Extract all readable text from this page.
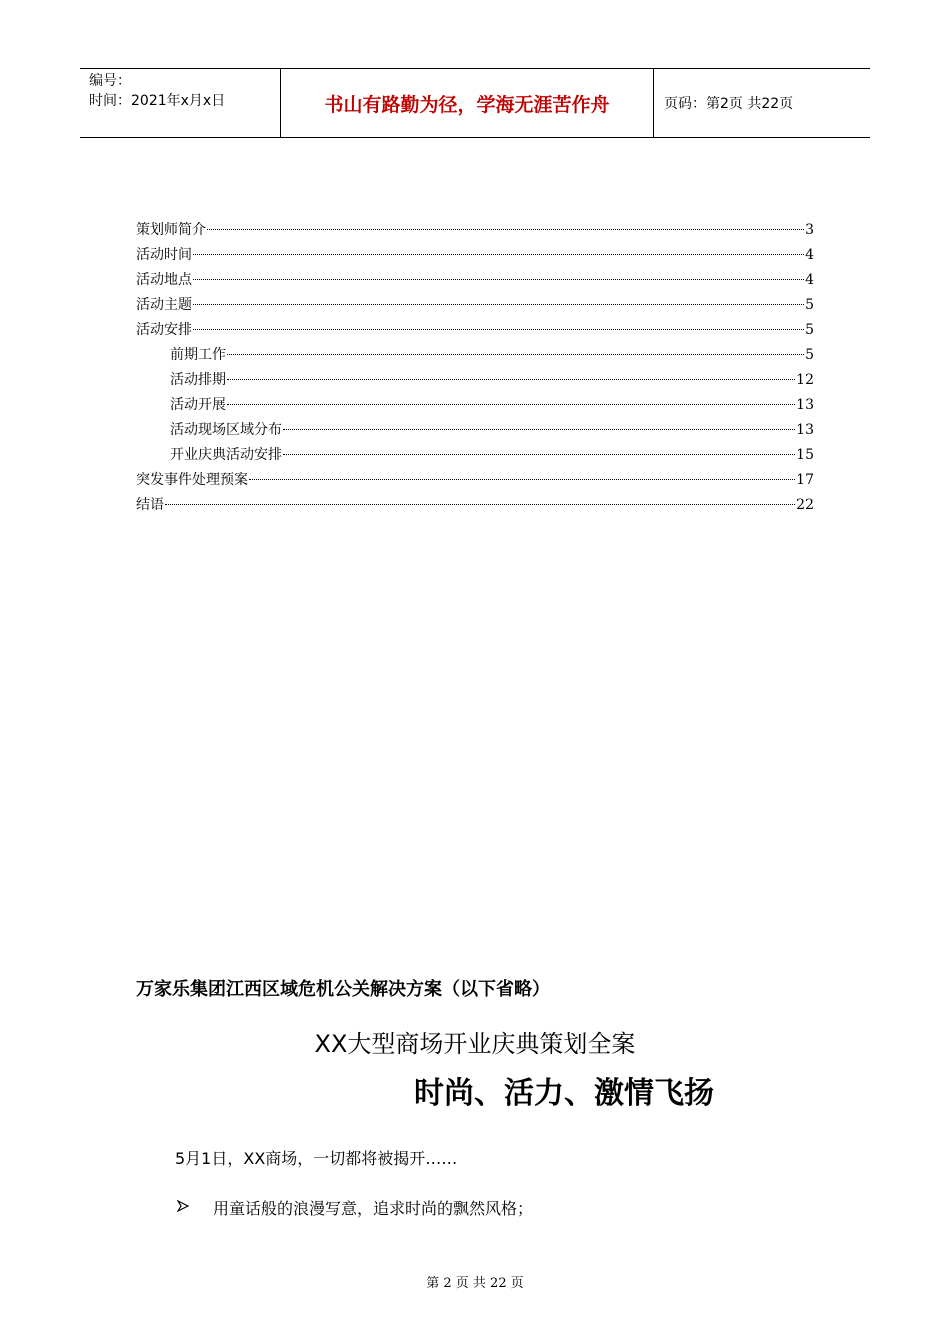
编号：
时间：2021年x月x日	书山有路勤为径，学海无涯苦作舟	页码：第2页 共22页
策划师简介	3
活动时间	4
活动地点	4
活动主题	5
活动安排	5
前期工作	5
活动排期	12
活动开展	13
活动现场区域分布	13
开业庆典活动安排	15
突发事件处理预案	17
结语	22
万家乐集团江西区域危机公关解决方案（以下省略）
XX大型商场开业庆典策划全案
时尚、活力、激情飞扬
5月1日，XX商场，一切都将被揭开……
用童话般的浪漫写意，追求时尚的飘然风格；
第 2 页 共 22 页
